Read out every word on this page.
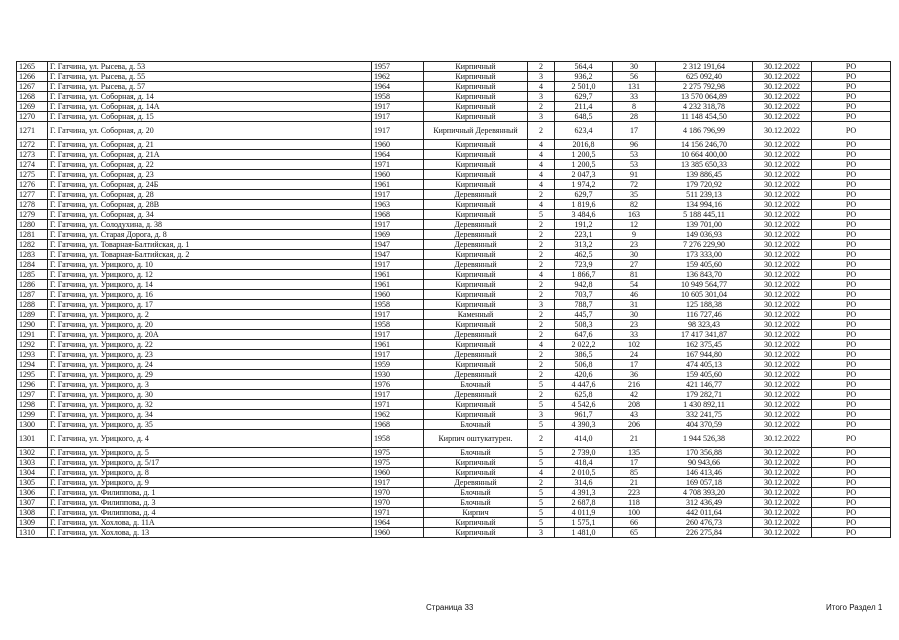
1265	Г. Гатчина, ул. Рысева, д. 53	1957	Кирпичный	2	564,4	30	2 312 191,64	30.12.2022	РО
1266	Г. Гатчина, ул. Рысева, д. 55	1962	Кирпичный	3	936,2	56	625 092,40	30.12.2022	РО
1267	Г. Гатчина, ул. Рысева, д. 57	1964	Кирпичный	4	2 501,0	131	2 275 792,98	30.12.2022	РО
1268	Г. Гатчина, ул. Соборная, д. 14	1958	Кирпичный	3	629,7	33	13 570 064,89	30.12.2022	РО
1269	Г. Гатчина, ул. Соборная, д. 14А	1917	Кирпичный	2	211,4	8	4 232 318,78	30.12.2022	РО
1270	Г. Гатчина, ул. Соборная, д. 15	1917	Кирпичный	3	648,5	28	11 148 454,50	30.12.2022	РО
1271	Г. Гатчина, ул. Соборная, д. 20	1917	Кирпичный Деревянный	2	623,4	17	4 186 796,99	30.12.2022	РО
1272	Г. Гатчина, ул. Соборная, д. 21	1960	Кирпичный	4	2016,8	96	14 156 246,70	30.12.2022	РО
1273	Г. Гатчина, ул. Соборная, д. 21А	1964	Кирпичный	4	1 200,5	53	10 664 400,00	30.12.2022	РО
1274	Г. Гатчина, ул. Соборная, д. 22	1971	Кирпичный	4	1 200,5	53	13 385 650,33	30.12.2022	РО
1275	Г. Гатчина, ул. Соборная, д. 23	1960	Кирпичный	4	2 047,3	91	139 886,45	30.12.2022	РО
1276	Г. Гатчина, ул. Соборная, д. 24Б	1961	Кирпичный	4	1 974,2	72	179 720,92	30.12.2022	РО
1277	Г. Гатчина, ул. Соборная, д. 28	1917	Деревянный	2	629,7	35	511 239,13	30.12.2022	РО
1278	Г. Гатчина, ул. Соборная, д. 28В	1963	Кирпичный	4	1 819,6	82	134 994,16	30.12.2022	РО
1279	Г. Гатчина, ул. Соборная, д. 34	1968	Кирпичный	5	3 484,6	163	5 188 445,11	30.12.2022	РО
1280	Г. Гатчина, ул. Солодухина, д. 38	1917	Деревянный	2	191,2	12	139 701,00	30.12.2022	РО
1281	Г. Гатчина, ул. Старая Дорога, д. 8	1969	Деревянный	2	223,1	9	149 036,93	30.12.2022	РО
1282	Г. Гатчина, ул. Товарная-Балтийская, д. 1	1947	Деревянный	2	313,2	23	7 276 229,90	30.12.2022	РО
1283	Г. Гатчина, ул. Товарная-Балтийская, д. 2	1947	Кирпичный	2	462,5	30	173 333,00	30.12.2022	РО
1284	Г. Гатчина, ул. Урицкого, д. 10	1917	Деревянный	2	723,9	27	159 405,60	30.12.2022	РО
1285	Г. Гатчина, ул. Урицкого, д. 12	1961	Кирпичный	4	1 866,7	81	136 843,70	30.12.2022	РО
1286	Г. Гатчина, ул. Урицкого, д. 14	1961	Кирпичный	2	942,8	54	10 949 564,77	30.12.2022	РО
1287	Г. Гатчина, ул. Урицкого, д. 16	1960	Кирпичный	2	703,7	46	10 605 301,04	30.12.2022	РО
1288	Г. Гатчина, ул. Урицкого, д. 17	1958	Кирпичный	3	788,7	31	125 188,38	30.12.2022	РО
1289	Г. Гатчина, ул. Урицкого, д. 2	1917	Каменный	2	445,7	30	116 727,46	30.12.2022	РО
1290	Г. Гатчина, ул. Урицкого, д. 20	1958	Кирпичный	2	508,3	23	98 323,43	30.12.2022	РО
1291	Г. Гатчина, ул. Урицкого, д. 20А	1917	Деревянный	2	647,6	33	17 417 341,87	30.12.2022	РО
1292	Г. Гатчина, ул. Урицкого, д. 22	1961	Кирпичный	4	2 022,2	102	162 375,45	30.12.2022	РО
1293	Г. Гатчина, ул. Урицкого, д. 23	1917	Деревянный	2	386,5	24	167 944,80	30.12.2022	РО
1294	Г. Гатчина, ул. Урицкого, д. 24	1959	Кирпичный	2	506,8	17	474 405,13	30.12.2022	РО
1295	Г. Гатчина, ул. Урицкого, д. 29	1930	Деревянный	2	420,6	36	159 405,60	30.12.2022	РО
1296	Г. Гатчина, ул. Урицкого, д. 3	1976	Блочный	5	4 447,6	216	421 146,77	30.12.2022	РО
1297	Г. Гатчина, ул. Урицкого, д. 30	1917	Деревянный	2	625,8	42	179 282,71	30.12.2022	РО
1298	Г. Гатчина, ул. Урицкого, д. 32	1971	Кирпичный	5	4 542,6	208	1 430 892,11	30.12.2022	РО
1299	Г. Гатчина, ул. Урицкого, д. 34	1962	Кирпичный	3	961,7	43	332 241,75	30.12.2022	РО
1300	Г. Гатчина, ул. Урицкого, д. 35	1968	Блочный	5	4 390,3	206	404 370,59	30.12.2022	РО
1301	Г. Гатчина, ул. Урицкого, д. 4	1958	Кирпич оштукатурен.	2	414,0	21	1 944 526,38	30.12.2022	РО
1302	Г. Гатчина, ул. Урицкого, д. 5	1975	Блочный	5	2 739,0	135	170 356,88	30.12.2022	РО
1303	Г. Гатчина, ул. Урицкого, д. 5/17	1975	Кирпичный	5	418,4	17	90 943,66	30.12.2022	РО
1304	Г. Гатчина, ул. Урицкого, д. 8	1960	Кирпичный	4	2 010,5	85	146 413,46	30.12.2022	РО
1305	Г. Гатчина, ул. Урицкого, д. 9	1917	Деревянный	2	314,6	21	169 057,18	30.12.2022	РО
1306	Г. Гатчина, ул. Филиппова, д. 1	1970	Блочный	5	4 391,3	223	4 708 393,20	30.12.2022	РО
1307	Г. Гатчина, ул. Филиппова, д. 3	1970	Блочный	5	2 687,8	118	312 436,49	30.12.2022	РО
1308	Г. Гатчина, ул. Филиппова, д. 4	1971	Кирпич	5	4 011,9	100	442 011,64	30.12.2022	РО
1309	Г. Гатчина, ул. Хохлова, д. 11А	1964	Кирпичный	5	1 575,1	66	260 476,73	30.12.2022	РО
1310	Г. Гатчина, ул. Хохлова, д. 13	1960	Кирпичный	3	1 481,0	65	226 275,84	30.12.2022	РО
Страница 33	Итого Раздел 1
